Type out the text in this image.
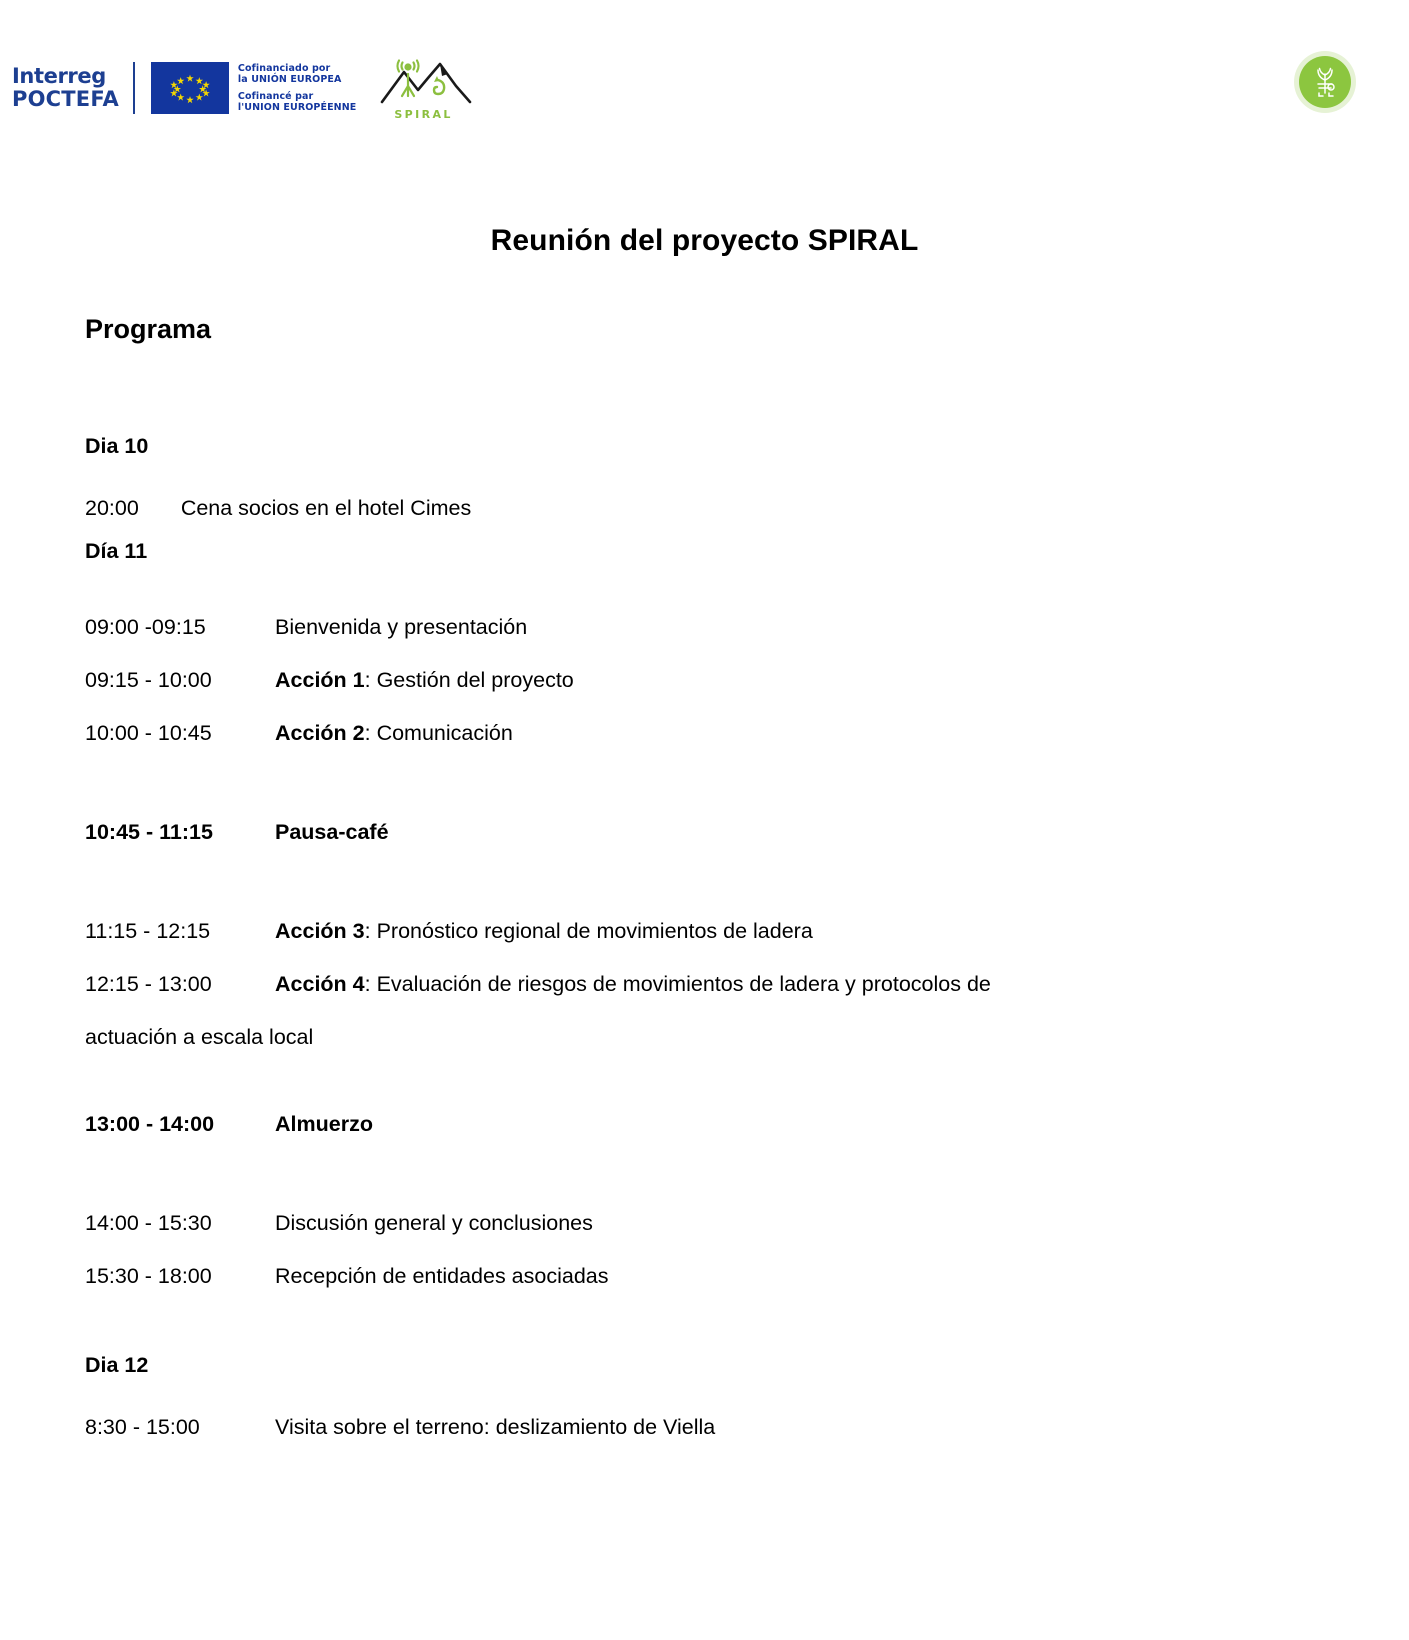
Interreg
POCTEFA
Cofinanciado por
la UNIÓN EUROPEA
Cofinancé par
l'UNION EUROPÉENNE
SPIRAL
Reunión del proyecto SPIRAL
Programa
Dia 10
20:00 Cena socios en el hotel Cimes
Día 11
09:00 -09:15	Bienvenida y presentación
09:15 - 10:00	Acción 1: Gestión del proyecto
10:00 - 10:45	Acción 2: Comunicación
10:45 - 11:15	Pausa-café
11:15 - 12:15	Acción 3: Pronóstico regional de movimientos de ladera
12:15 - 13:00	Acción 4: Evaluación de riesgos de movimientos de ladera y protocolos de
actuación a escala local
13:00 - 14:00	Almuerzo
14:00 - 15:30	Discusión general y conclusiones
15:30 - 18:00	Recepción de entidades asociadas
Dia 12
8:30 - 15:00	Visita sobre el terreno: deslizamiento de Viella
